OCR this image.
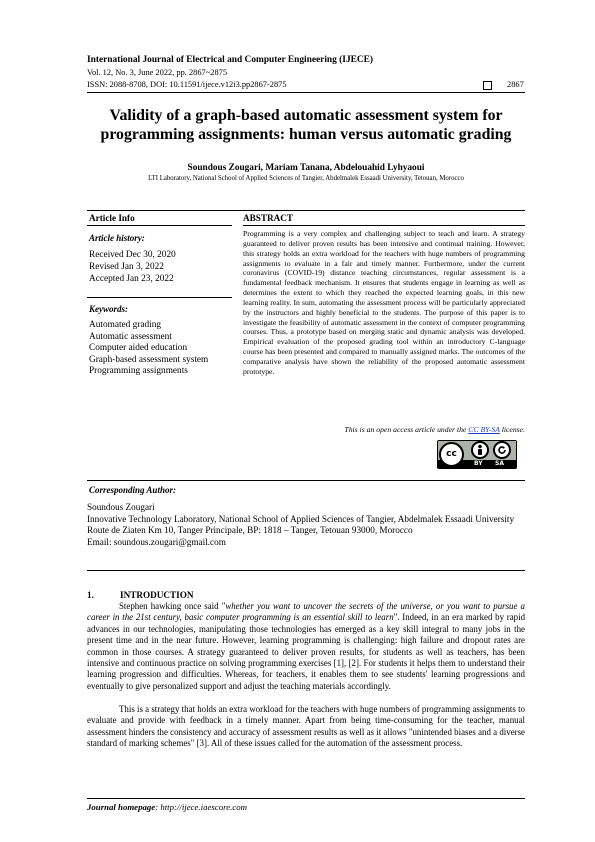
International Journal of Electrical and Computer Engineering (IJECE)
Vol. 12, No. 3, June 2022, pp. 2867~2875
ISSN: 2088-8708, DOI: 10.11591/ijece.v12i3.pp2867-2875	2867
Validity of a graph-based automatic assessment system for
programming assignments: human versus automatic grading
Soundous Zougari, Mariam Tanana, Abdelouahid Lyhyaoui
LTI Laboratory, National School of Applied Sciences of Tangier, Abdelmalek Essaadi University, Tetouan, Morocco
Article Info	ABSTRACT
Article history:
Received Dec 30, 2020
Revised Jan 3, 2022
Accepted Jan 23, 2022
Keywords:
Automated grading
Automatic assessment
Computer aided education
Graph-based assessment system
Programming assignments
Programming is a very complex and challenging subject to teach and learn. A strategy guaranteed to deliver proven results has been intensive and continual training. However, this strategy holds an extra workload for the teachers with huge numbers of programming assignments to evaluate in a fair and timely manner. Furthermore, under the current coronavirus (COVID-19) distance teaching circumstances, regular assessment is a fundamental feedback mechanism. It ensures that students engage in learning as well as determines the extent to which they reached the expected learning goals, in this new learning reality. In sum, automating the assessment process will be particularly appreciated by the instructors and highly beneficial to the students. The purpose of this paper is to investigate the feasibility of automatic assessment in the context of computer programming courses. Thus, a prototype based on merging static and dynamic analysis was developed. Empirical evaluation of the proposed grading tool within an introductory C-language course has been presented and compared to manually assigned marks. The outcomes of the comparative analysis have shown the reliability of the proposed automatic assessment prototype.
This is an open access article under the CC BY-SA license.
cc
BY SA
Corresponding Author:
Soundous Zougari
Innovative Technology Laboratory, National School of Applied Sciences of Tangier, Abdelmalek Essaadi University
Route de Ziaten Km 10, Tanger Principale, BP: 1818 – Tanger, Tetouan 93000, Morocco
Email: soundous.zougari@gmail.com
1.	INTRODUCTION
Stephen hawking once said "whether you want to uncover the secrets of the universe, or you want to pursue a career in the 21st century, basic computer programming is an essential skill to learn". Indeed, in an era marked by rapid advances in our technologies, manipulating those technologies has emerged as a key skill integral to many jobs in the present time and in the near future. However, learning programming is challenging: high failure and dropout rates are common in those courses. A strategy guaranteed to deliver proven results, for students as well as teachers, has been intensive and continuous practice on solving programming exercises [1], [2]. For students it helps them to understand their learning progression and difficulties. Whereas, for teachers, it enables them to see students' learning progressions and eventually to give personalized support and adjust the teaching materials accordingly.
This is a strategy that holds an extra workload for the teachers with huge numbers of programming assignments to evaluate and provide with feedback in a timely manner. Apart from being time-consuming for the teacher, manual assessment hinders the consistency and accuracy of assessment results as well as it allows "unintended biases and a diverse standard of marking schemes" [3]. All of these issues called for the automation of the assessment process.
Journal homepage: http://ijece.iaescore.com
